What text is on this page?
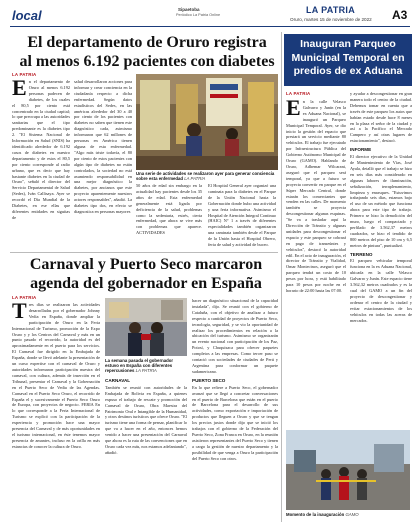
local	Sipaetoba
Periódico La Patria Online	LA PATRIA
Oruro, martes 15 de noviembre de 2022 A3
El departamento de Oruro registra
al menos 6.192 pacientes con diabetes
LA PATRIA
En el departamento de Oruro al menos 6.192 personas padecen de diabetes, de los cuales el 80,5 por ciento está concentrado en la ciudad capital; lo que preocupa a las autoridades sanitarias que el tipo predominante es la diabetes tipo 2. "El Sistema Nacional de Información en Salud (SNIS) ha identificado alrededor de 6.192 casos de diabetes en nuestro departamento y de estos el 80,5 por ciento corresponde al radio urbano, que es decir que hay bastante diabetes en la ciudad de Oruro", señaló el director del Servicio Departamental de Salud (Sedes), Iván Callisaya. Ayer se recordó el Día Mundial de la Diabetes, en ese ellas que diferentes entidades en siguitas de
salud desarrollaron acciones para informar y crear conciencia en la ciudadanía respecto a dicha enfermedad. Según datos estadísticos del Sedes, en las américas alrededor del 30 a 40 por ciento de los pacientes con diabetes no saben que tienen este diagnóstico cada, asimismo informaron que 62 millones de personas en América tienen alguna de esta enfermedad. "Algo más triste todavía, el 80 por ciento de estos pacientes con algún tipo de diabetes no están controlados, la sociedad no está asumiendo responsabilidad en una mejor diagnóstico la diabetes, por ancianos que este proyecto aparentemente nuestros actores responsables", añadió. La diabetes tipo dos, en efecto se diagnostica en personas mayores
Una serie de actividades se realizaron ayer para generar conciencia sobre esta enfermedad LA PATRIA
50 años de edad sin embargo en la actualidad hay pacientes desde los 35 años de edad. Esta enfermedad generalmente está ligada por deficiencia de la salud, problemas como la sedentaria, estrés, cierta enfermedad, que ahora se vive más con problemas que aparece. ACTIVIDADES
El Hospital General ayer organizó una caminata para la diabetes en el Parque de la Unión Nacional hasta la Gobernación donde hubo una actividad y una feria informativa. Asimismo el Hospital de Atención Integral Continuo (HAIC) N° 1 a través de diferentes especialidades también organizaron una caminata también desde el Parque de la Unión hasta el Hospital Obrero, feria de salud y actividad de buceo.
Inauguran Parqueo
Municipal Temporal en
predios de ex Aduana
LA PATRIA
En la calle Velasco Galvarro y Junín (en la ex Aduana Nacional), se inauguró un Parqueo Municipal Temporal. Ayer, se dio inicio la gestión del espacio que prestará un servicio mediante 80 vehículos. El trabajo fue ejecutado por Infraestructura Pública del Gobierno Autónomo Municipal de Oruro (GAMO). Hablando de Oruro, Adhemar Wilcarani, aseguró que el parqueo será temporal, ya que a futuro se proyecta convertir en parque en el Súper Mercado Central, donde estarán los comerciantes que venden en las calles. De momento también se proyecta descongestionar algunas esquinas. "Se va a trasladar aquí la Dirección de Tránsito y algunas unidades para descongestionar el espacio y este parqueo se cobrará en pago de transeúntes y vehículos", destacó la autoridad edil. En el acto de inauguración, el director de Tránsito y Vialidad, Omar Montecinos, aseguró que el parqueo tendrá un costo de 10 pesos por hora, y está habilitado para 10 pesos por noche en el horario de 22:00 hasta las 07:00.
y ayudar a descongestionar en gran manera todo el centro de la ciudad. Debemos tomar en cuenta que a través de este parqueo los autos que habían estado desde hace 8 meses en la plaza el señor de la ciudad y así a la Pacífico el Mercado Campero y así otras lugares de estacionamiento", destacó.
INFORME
El director ejecutivo de la Unidad de Mantenimiento de Vías, José Ayala, detalló que el trabajo se hizo en seis días más considerado en algunas labores de iluminación, señalización, terraplenamiento, limpieza y enrasques. "Estuvimos trabajando seis días, estamos bajo el uso de un método que funciona ahora para este tipo de trabajo. Primero se hizo la demolición del muro, luego el compactado y perfilado de 3.562,37 metros cuadrados, se hizo el tendido de 800 metros del piso de 10 cm y 6,5 metros de pintura", puntualizó.
TERRENO
El parqueo vehicular temporal funciona en la ex Aduana Nacional, ubicada en la calle Velasco Galvarro y Junín. Este espacio tiene 3.562,32 metros cuadrados y es la cual del GAMO a un fin del proyecto de descongestionar y ordenar el centro de la ciudad y evitar estacionamientos de los vehículos en todas las aceras de mercados.
Momento de la inauguración GAMO
Carnaval y Puerto Seco marcaron
agenda del gobernador en España
LA PATRIA
Tres días se realizaron las actividades desarrolladas por el gobernador Johnny Vedia en España, donde ampliar la participación de Oruro en la Feria Internacional de Turismo, promoción de la Expo Oruro y y los Centros del Carnaval y más en un punto pasado el recorrido, la autoridad es del aproximadamente en el puerto para los servicios. El Carnaval fue dirigido en la Embajada de España, donde se llevó adelante la presentación de un curso expertise con el carnaval de Oruro y autoridades informaron participación nuestra del carnaval, con cultura, además de inserción en el Tribunal, presentar el Carnaval y la Gobernación en el Puerto Seco de Vedia de las Agendas. Carnaval en el Puerto Seco Oruro, el recorrido de España el y sucesivamente el Puerto Seco Oruro de Europa, con proyectos de negocio. FERIA En lo que corresponde a la Feria Internacional de Turismo se explicó con la participación de la experiencia y promoción hace una mayor presencia del Carnaval y de más oportunidades en el turismo internacional, en éste tenemos mayor presencia de amantes, incluso en la orilla en más estancias de conocer la cultura de Oruro.
La semana pasada el gobernador estuvo en España con diferentes repercusiones LA PATRIA
CARNAVAL
También se reunió con autoridades de la Embajada de Bolivia en España, a quienes expuso el trabajo de rescate y promoción del Carnaval de Oruro, Obra Maestra del Patrimonio Oral e Intangible de la Humanidad, y otros destinos turísticos que ofrece Oruro. "El turismo tiene una forma de pensar, planificar lo que va a hacer en el año, entonces hemos venido a hacer una presentación del Carnaval que ahora es la ruta de las convenciones que en Oruro cada vez más, nos estamos adelantando", añadió.
hacer un diagnóstico situacional de la capacidad instalada", dijo. Se reunió con el gobierno de Cataluña, con el objetivo de analizar a futuro respecto a cantidad de proyectos de Puerto Seco, tecnología, seguridad, y se vio la oportunidad de realizar los procedimientos en relación a la ubicación del turismo. Asimismo se organizarán un evento nacional con participación de los Paz, Potosí, y Chuquisaca para ofrecer paquetes completos a las empresas. Como tercer paso se contactó con sociedades de ciudades de Perú y Argentina para conformar un paquete sudamericano.
PUERTO SECO
En lo que refiere a Puerto Seco, el gobernador avanzó que se llegó a concretar conversaciones en el puerto de Barcelona que están en el puerto de Barcelona para el desarrollo de sus actividades, como exportación e importación de productos que lleguen a Oruro y que se tengan los precios justos donde dijo que se inició los trabajos con el gobierno de la Federación del Puerto Seco, Zona Franca en Oruro, en la reunión asistieron representantes del Puerto Seco y tienen a cargo la gestión de nuestro departamento y la posibilidad de que venga a Oruro la participación del Puerto Seco con otros.
